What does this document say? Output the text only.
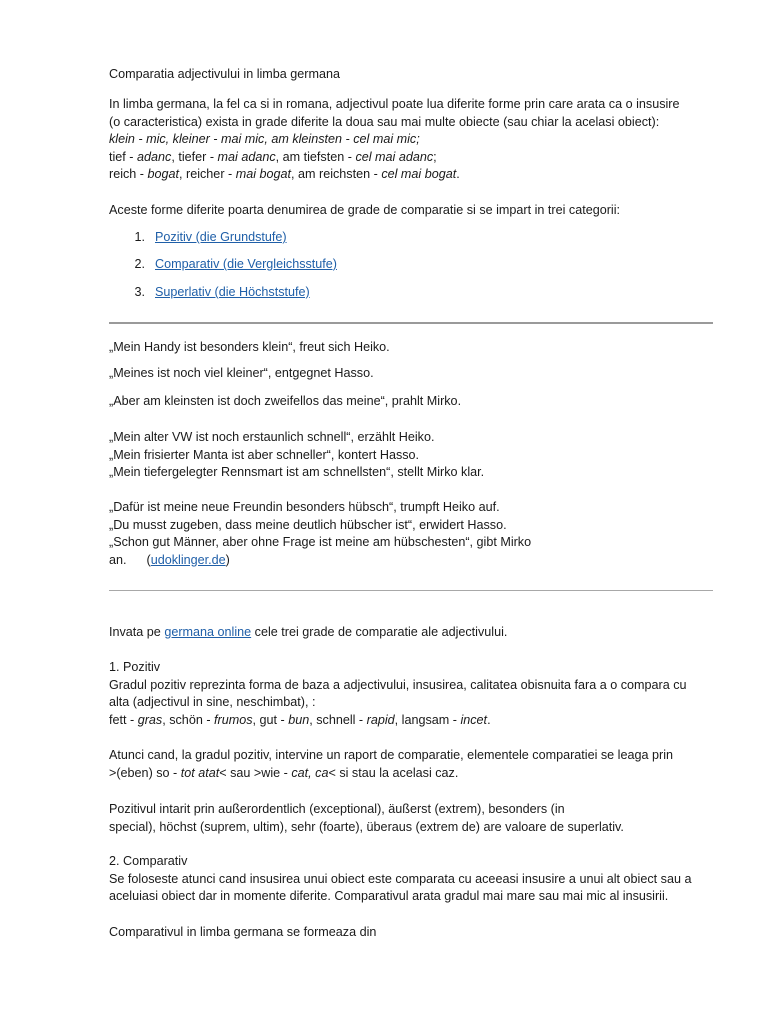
Comparatia adjectivului in limba germana

In limba germana, la fel ca si in romana, adjectivul poate lua diferite forme prin care arata ca o insusire
(o caracteristica) exista in grade diferite la doua sau mai multe obiecte (sau chiar la acelasi obiect):
klein - mic, kleiner - mai mic, am kleinsten - cel mai mic;
tief - adanc, tiefer - mai adanc, am tiefsten - cel mai adanc;
reich - bogat, reicher - mai bogat, am reichsten - cel mai bogat.

Aceste forme diferite poarta denumirea de grade de comparatie si se impart in trei categorii:

1. Pozitiv (die Grundstufe)
2. Comparativ (die Vergleichsstufe)
3. Superlativ (die Höchststufe)

„Mein Handy ist besonders klein“, freut sich Heiko.

„Meines ist noch viel kleiner“, entgegnet Hasso.

„Aber am kleinsten ist doch zweifellos das meine“, prahlt Mirko.

„Mein alter VW ist noch erstaunlich schnell“, erzählt Heiko.
„Mein frisierter Manta ist aber schneller“, kontert Hasso.
„Mein tiefergelegter Rennsmart ist am schnellsten“, stellt Mirko klar.

„Dafür ist meine neue Freundin besonders hübsch“, trumpft Heiko auf.
„Du musst zugeben, dass meine deutlich hübscher ist“, erwidert Hasso.
„Schon gut Männer, aber ohne Frage ist meine am hübschesten“, gibt Mirko
an. (udoklinger.de)

Invata pe germana online cele trei grade de comparatie ale adjectivului.

1. Pozitiv
Gradul pozitiv reprezinta forma de baza a adjectivului, insusirea, calitatea obisnuita fara a o compara cu
alta (adjectivul in sine, neschimbat), :
fett - gras, schön - frumos, gut - bun, schnell - rapid, langsam - incet.

Atunci cand, la gradul pozitiv, intervine un raport de comparatie, elementele comparatiei se leaga prin
>(eben) so - tot atat< sau >wie - cat, ca< si stau la acelasi caz.

Pozitivul intarit prin außerordentlich (exceptional), äußerst (extrem), besonders (in
special), höchst (suprem, ultim), sehr (foarte), überaus (extrem de) are valoare de superlativ.

2. Comparativ
Se foloseste atunci cand insusirea unui obiect este comparata cu aceeasi insusire a unui alt obiect sau a
aceluiasi obiect dar in momente diferite. Comparativul arata gradul mai mare sau mai mic al insusirii.

Comparativul in limba germana se formeaza din
